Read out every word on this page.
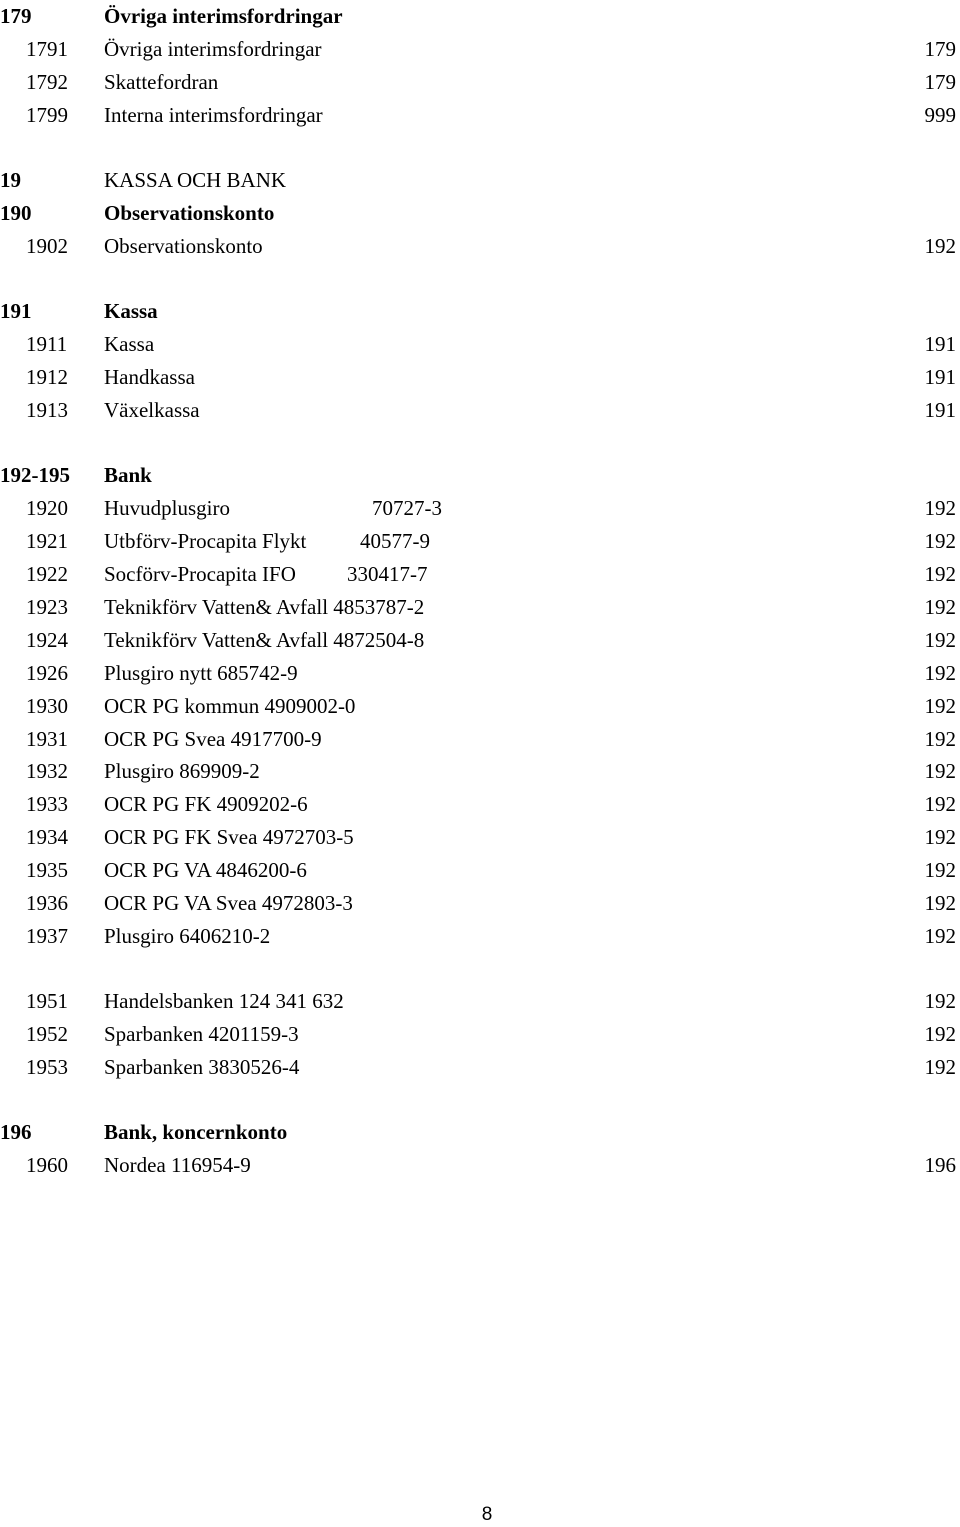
179	Övriga interimsfordringar
1791 Övriga interimsfordringar	179
1792 Skattefordran	179
1799 Interna interimsfordringar	999
19	KASSA OCH BANK
190	Observationskonto
1902 Observationskonto	192
191	Kassa
1911 Kassa	191
1912 Handkassa	191
1913 Växelkassa	191
192-195 Bank
1920 Huvudplusgiro	70727-3	192
1921 Utbförv-Procapita Flykt	40577-9	192
1922 Socförv-Procapita IFO 330417-7	192
1923 Teknikförv Vatten& Avfall 4853787-2	192
1924 Teknikförv Vatten& Avfall 4872504-8	192
1926 Plusgiro nytt 685742-9	192
1930 OCR PG kommun 4909002-0	192
1931 OCR PG Svea 4917700-9	192
1932 Plusgiro 869909-2	192
1933 OCR PG FK 4909202-6	192
1934 OCR PG FK Svea 4972703-5	192
1935 OCR PG VA 4846200-6	192
1936 OCR PG VA Svea 4972803-3	192
1937 Plusgiro 6406210-2	192
1951 Handelsbanken 124 341 632	192
1952 Sparbanken 4201159-3	192
1953 Sparbanken 3830526-4	192
196	Bank, koncernkonto
1960 Nordea 116954-9	196
8
